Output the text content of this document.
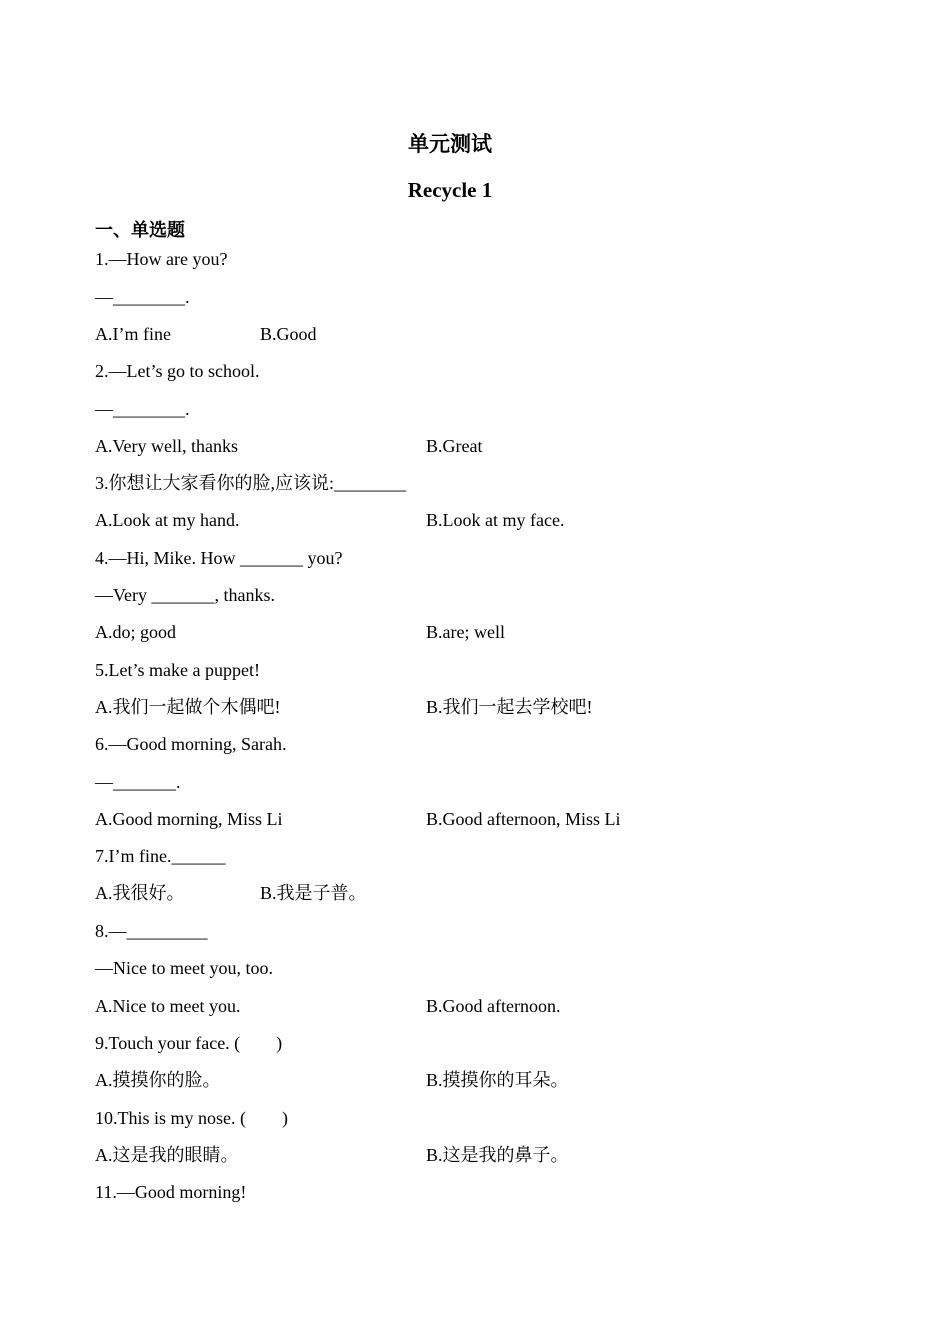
单元测试
Recycle 1
一、单选题
1.—How are you?
—________.
A.I’m fine	B.Good
2.—Let’s go to school.
—________.
A.Very well, thanks	B.Great
3.你想让大家看你的脸,应该说:________
A.Look at my hand.	B.Look at my face.
4.—Hi, Mike. How _______ you?
—Very _______, thanks.
A.do; good	B.are; well
5.Let’s make a puppet!
A.我们一起做个木偶吧!	B.我们一起去学校吧!
6.—Good morning, Sarah.
—_______.
A.Good morning, Miss Li	B.Good afternoon, Miss Li
7.I’m fine.______
A.我很好。	B.我是子普。
8.—_________
—Nice to meet you, too.
A.Nice to meet you.	B.Good afternoon.
9.Touch your face. (　　)
A.摸摸你的脸。	B.摸摸你的耳朵。
10.This is my nose. (　　)
A.这是我的眼睛。	B.这是我的鼻子。
11.—Good morning!
